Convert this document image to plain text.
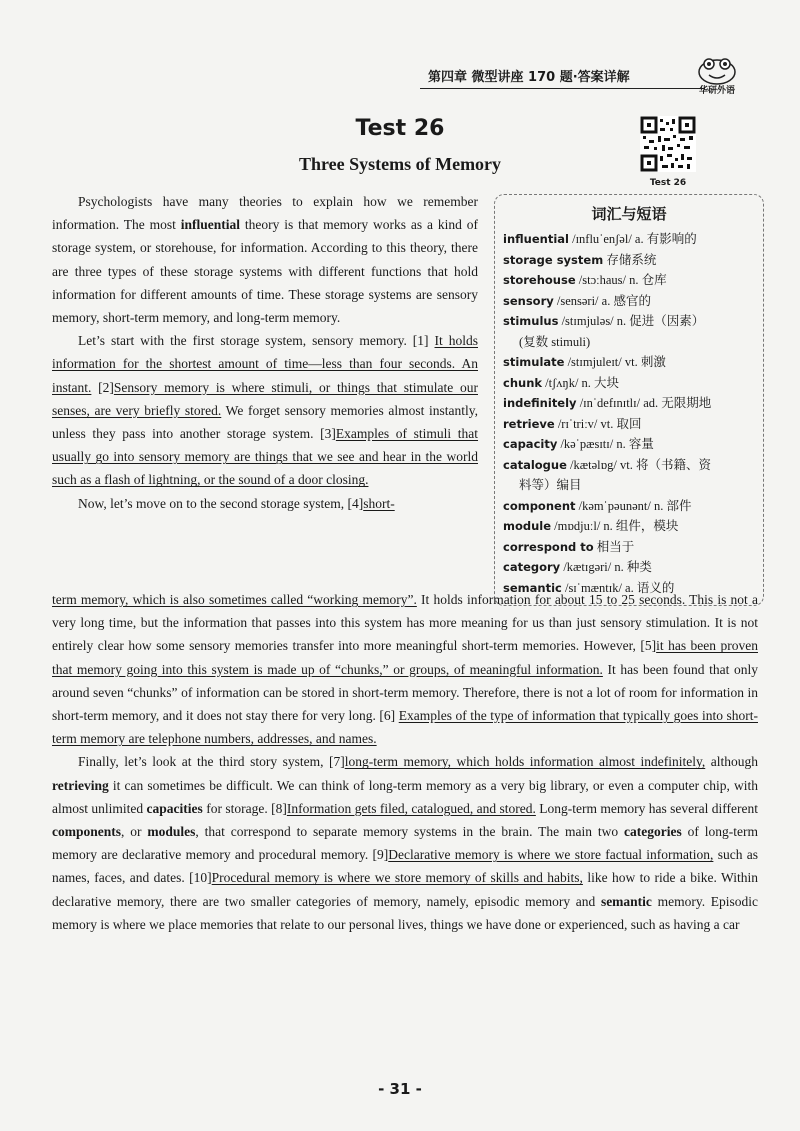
第四章 微型讲座 170 题·答案详解
华研外语
Test 26
Three Systems of Memory
Test 26
词汇与短语
influential /ɪnfluˈenʃəl/ a. 有影响的
storage system 存储系统
storehouse /stɔːhaus/ n. 仓库
sensory /sensəri/ a. 感官的
stimulus /stɪmjuləs/ n. 促进（因素）
(复数 stimuli)
stimulate /stɪmjuleɪt/ vt. 刺激
chunk /tʃʌŋk/ n. 大块
indefinitely /ɪnˈdefɪnɪtlɪ/ ad. 无限期地
retrieve /rɪˈtriːv/ vt. 取回
capacity /kəˈpæsɪtɪ/ n. 容量
catalogue /kætəlɒg/ vt. 将（书籍、资
料等）编目
component /kəmˈpəunənt/ n. 部件
module /mɒdjuːl/ n. 组件，模块
correspond to 相当于
category /kætɪgəri/ n. 种类
semantic /sɪˈmæntɪk/ a. 语义的

Psychologists have many theories to explain how we remember information. The most influential theory is that memory works as a kind of storage system, or storehouse, for information. According to this theory, there are three types of these storage systems with different functions that hold information for different amounts of time. These storage systems are sensory memory, short-term memory, and long-term memory.

Let’s start with the first storage system, sensory memory. [1] It holds information for the shortest amount of time—less than four seconds. An instant. [2]Sensory memory is where stimuli, or things that stimulate our senses, are very briefly stored. We forget sensory memories almost instantly, unless they pass into another storage system. [3]Examples of stimuli that usually go into sensory memory are things that we see and hear in the world such as a flash of lightning, or the sound of a door closing.

Now, let’s move on to the second storage system, [4]short-

term memory, which is also sometimes called “working memory”. It holds information for about 15 to 25 seconds. This is not a very long time, but the information that passes into this system has more meaning for us than just sensory stimulation. It is not entirely clear how some sensory memories transfer into more meaningful short-term memories. However, [5]it has been proven that memory going into this system is made up of “chunks,” or groups, of meaningful information. It has been found that only around seven “chunks” of information can be stored in short-term memory. Therefore, there is not a lot of room for information in short-term memory, and it does not stay there for very long. [6] Examples of the type of information that typically goes into short-term memory are telephone numbers, addresses, and names.

Finally, let’s look at the third story system, [7]long-term memory, which holds information almost indefinitely, although retrieving it can sometimes be difficult. We can think of long-term memory as a very big library, or even a computer chip, with almost unlimited capacities for storage. [8]Information gets filed, catalogued, and stored. Long-term memory has several different components, or modules, that correspond to separate memory systems in the brain. The main two categories of long-term memory are declarative memory and procedural memory. [9]Declarative memory is where we store factual information, such as names, faces, and dates. [10]Procedural memory is where we store memory of skills and habits, like how to ride a bike. Within declarative memory, there are two smaller categories of memory, namely, episodic memory and semantic memory. Episodic memory is where we place memories that relate to our personal lives, things we have done or experienced, such as having a car

- 31 -
